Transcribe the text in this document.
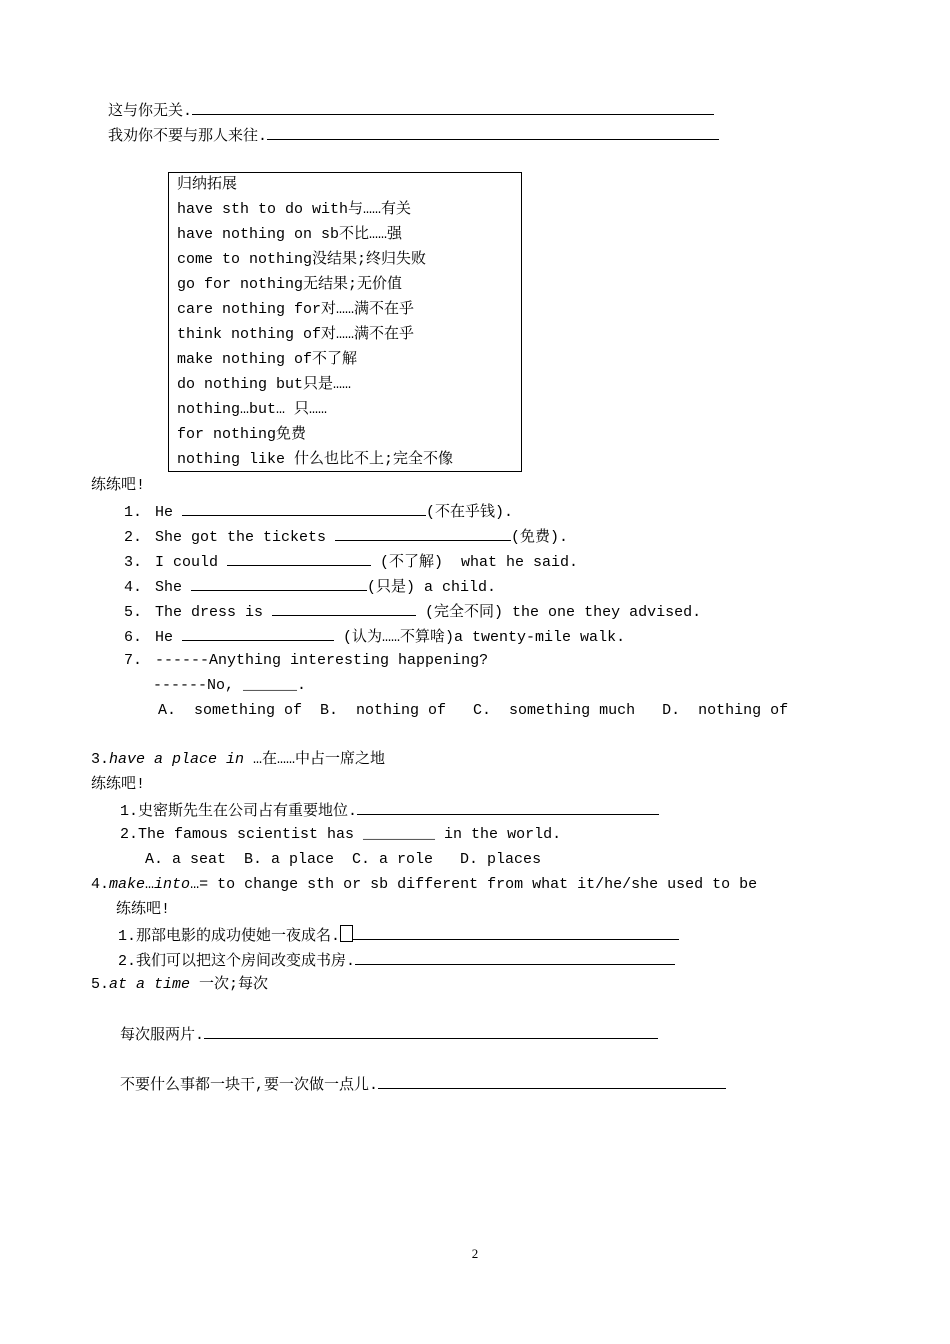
这与你无关.
我劝你不要与那人来往.
归纳拓展
have sth to do with与……有关
have nothing on sb不比……强
come to nothing没结果;终归失败
go for nothing无结果;无价值
care nothing for对……满不在乎
think nothing of对……满不在乎
make nothing of不了解
do nothing but只是……
nothing…but… 只……
for nothing免费
nothing like 什么也比不上;完全不像
练练吧!
1. He	(不在乎钱).
2. She got the tickets	(免费).
3. I could	(不了解)  what he said.
4. She	(只是) a child.
5. The dress is	(完全不同) the one they advised.
6. He	(认为……不算啥)a twenty-mile walk.
7. ------Anything interesting happening?
------No, ______.
A.  something of  B.  nothing of   C.  something much   D.  nothing of
3.have a place in …在……中占一席之地
练练吧!
1.史密斯先生在公司占有重要地位.
2.The famous scientist has ________ in the world.
A. a seat  B. a place  C. a role   D. places
4.make…into…= to change sth or sb different from what it/he/she used to be
练练吧!
1.那部电影的成功使她一夜成名.
2.我们可以把这个房间改变成书房.
5.at a time 一次;每次
每次服两片.
不要什么事都一块干,要一次做一点儿.
2
